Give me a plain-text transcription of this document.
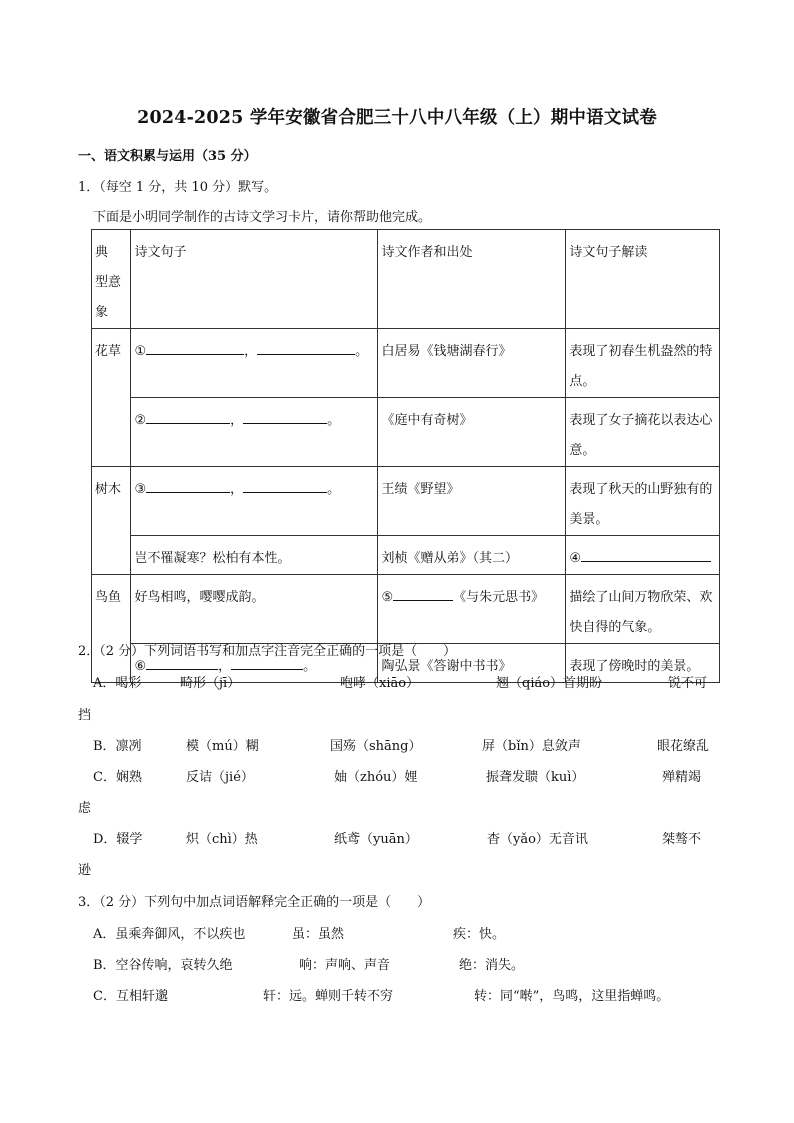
2024-2025 学年安徽省合肥三十八中八年级（上）期中语文试卷
一、语文积累与运用（35 分）
1．（每空 1 分，共 10 分）默写。
下面是小明同学制作的古诗文学习卡片，请你帮助他完成。
典　型意象	诗文句子	诗文作者和出处	诗文句子解读
花草	① ， 。	白居易《钱塘湖春行》	表现了初春生机盎然的特点。
	② ， 。	《庭中有奇树》	表现了女子摘花以表达心意。
树木	③ ， 。	王绩《野望》	表现了秋天的山野独有的美景。
	岂不罹凝寒？松柏有本性。	刘桢《赠从弟》（其二）	④
鸟鱼	好鸟相鸣，嘤嘤成韵。	⑤ 《与朱元思书》	描绘了山间万物欣荣、欢快自得的气象。
	⑥ ， 。	陶弘景《答谢中书书》	表现了傍晚时的美景。
2．（2 分）下列词语书写和加点字注音完全正确的一项是（　　）
A．喝彩	畸形（jī）	咆哮（xiāo）	翘（qiáo）首期盼	锐不可
挡
B．凛冽	模（mú）糊	国殇（shāng）	屏（bǐn）息敛声	眼花缭乱
C．娴熟	反诘（jié）	妯（zhóu）娌	振聋发聩（kuì）	殚精竭
虑
D．辍学	炽（chì）热	纸鸢（yuān）	杳（yǎo）无音讯	桀骜不
逊
3．（2 分）下列句中加点词语解释完全正确的一项是（　　）
A．虽乘奔御风，不以疾也	虽：虽然	疾：快。
B．空谷传响，哀转久绝	响：声响、声音	绝：消失。
C．互相轩邈	轩：远。蝉则千转不穷	转：同“啭”，鸟鸣，这里指蝉鸣。
